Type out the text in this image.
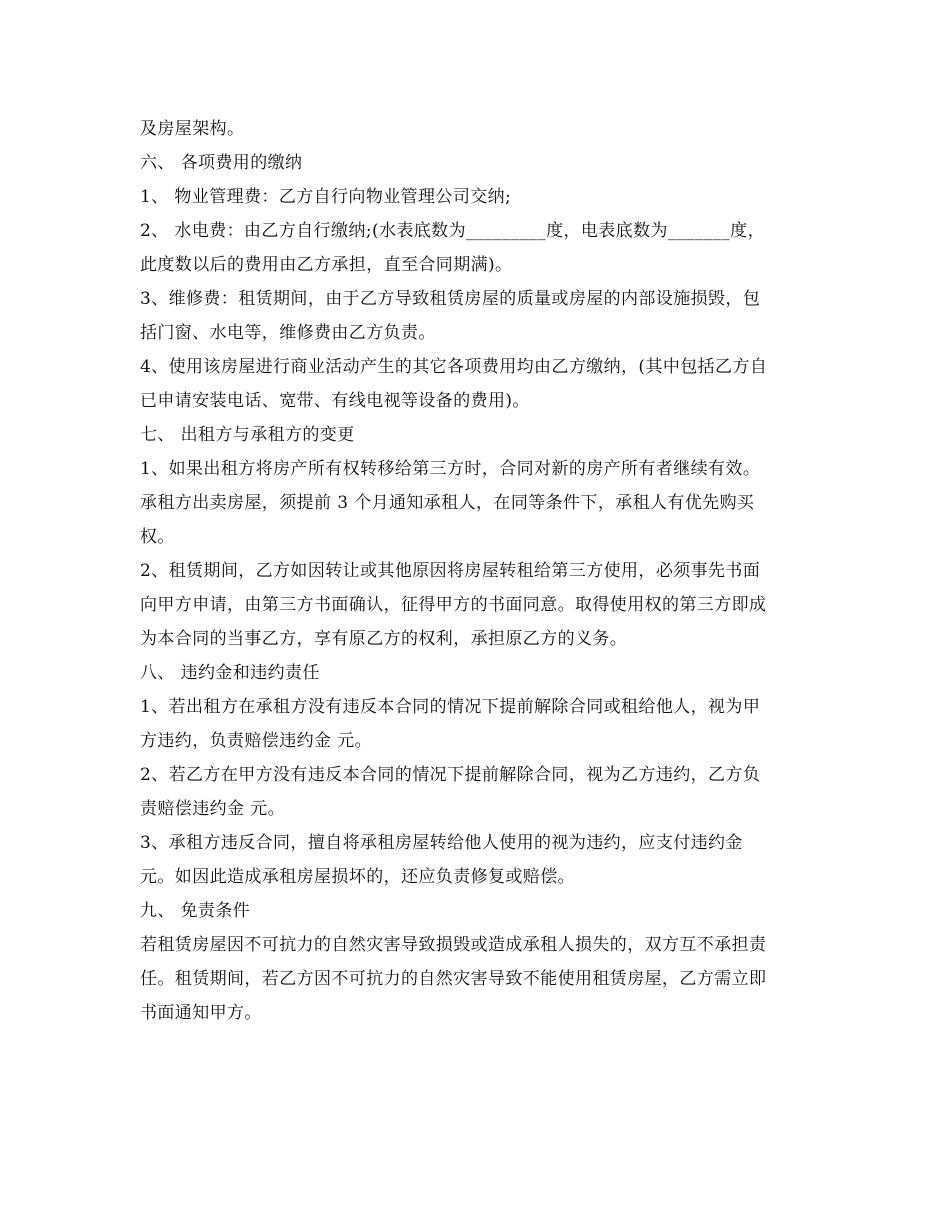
及房屋架构。

六、 各项费用的缴纳

1、 物业管理费：乙方自行向物业管理公司交纳;

2、 水电费：由乙方自行缴纳;(水表底数为_________度，电表底数为_______度，

此度数以后的费用由乙方承担，直至合同期满)。

3、维修费：租赁期间，由于乙方导致租赁房屋的质量或房屋的内部设施损毁，包

括门窗、水电等，维修费由乙方负责。

4、使用该房屋进行商业活动产生的其它各项费用均由乙方缴纳，(其中包括乙方自

已申请安装电话、宽带、有线电视等设备的费用)。

七、 出租方与承租方的变更

1、如果出租方将房产所有权转移给第三方时，合同对新的房产所有者继续有效。

承租方出卖房屋，须提前 3 个月通知承租人，在同等条件下，承租人有优先购买

权。

2、租赁期间，乙方如因转让或其他原因将房屋转租给第三方使用，必须事先书面

向甲方申请，由第三方书面确认，征得甲方的书面同意。取得使用权的第三方即成

为本合同的当事乙方，享有原乙方的权利，承担原乙方的义务。

八、 违约金和违约责任

1、若出租方在承租方没有违反本合同的情况下提前解除合同或租给他人，视为甲

方违约，负责赔偿违约金 元。

2、若乙方在甲方没有违反本合同的情况下提前解除合同，视为乙方违约，乙方负

责赔偿违约金 元。

3、承租方违反合同，擅自将承租房屋转给他人使用的视为违约，应支付违约金

元。如因此造成承租房屋损坏的，还应负责修复或赔偿。

九、 免责条件

若租赁房屋因不可抗力的自然灾害导致损毁或造成承租人损失的，双方互不承担责

任。租赁期间，若乙方因不可抗力的自然灾害导致不能使用租赁房屋，乙方需立即

书面通知甲方。
